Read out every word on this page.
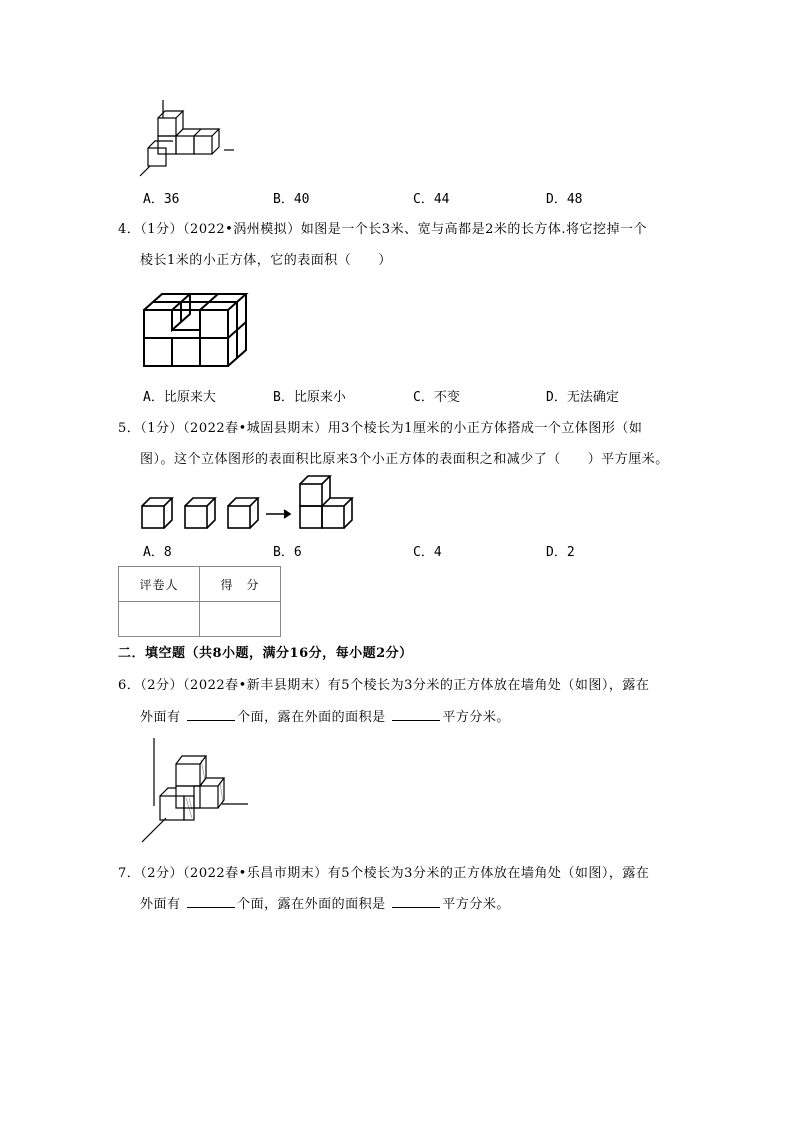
A．36	B．40	C．44	D．48
4．（1分）（2022•涡州模拟）如图是一个长3米、宽与高都是2米的长方体.将它挖掉一个
棱长1米的小正方体，它的表面积（　　）
A．比原来大	B．比原来小	C．不变	D．无法确定
5．（1分）（2022春•城固县期末）用3个棱长为1厘米的小正方体搭成一个立体图形（如
图）。这个立体图形的表面积比原来3个小正方体的表面积之和减少了（　　）平方厘米。
A．8	B．6	C．4	D．2
评卷人	得　分

二．填空题（共8小题，满分16分，每小题2分）
6．（2分）（2022春•新丰县期末）有5个棱长为3分米的正方体放在墙角处（如图），露在
外面有	个面，露在外面的面积是	平方分米。
7．（2分）（2022春•乐昌市期末）有5个棱长为3分米的正方体放在墙角处（如图），露在
外面有	个面，露在外面的面积是	平方分米。
